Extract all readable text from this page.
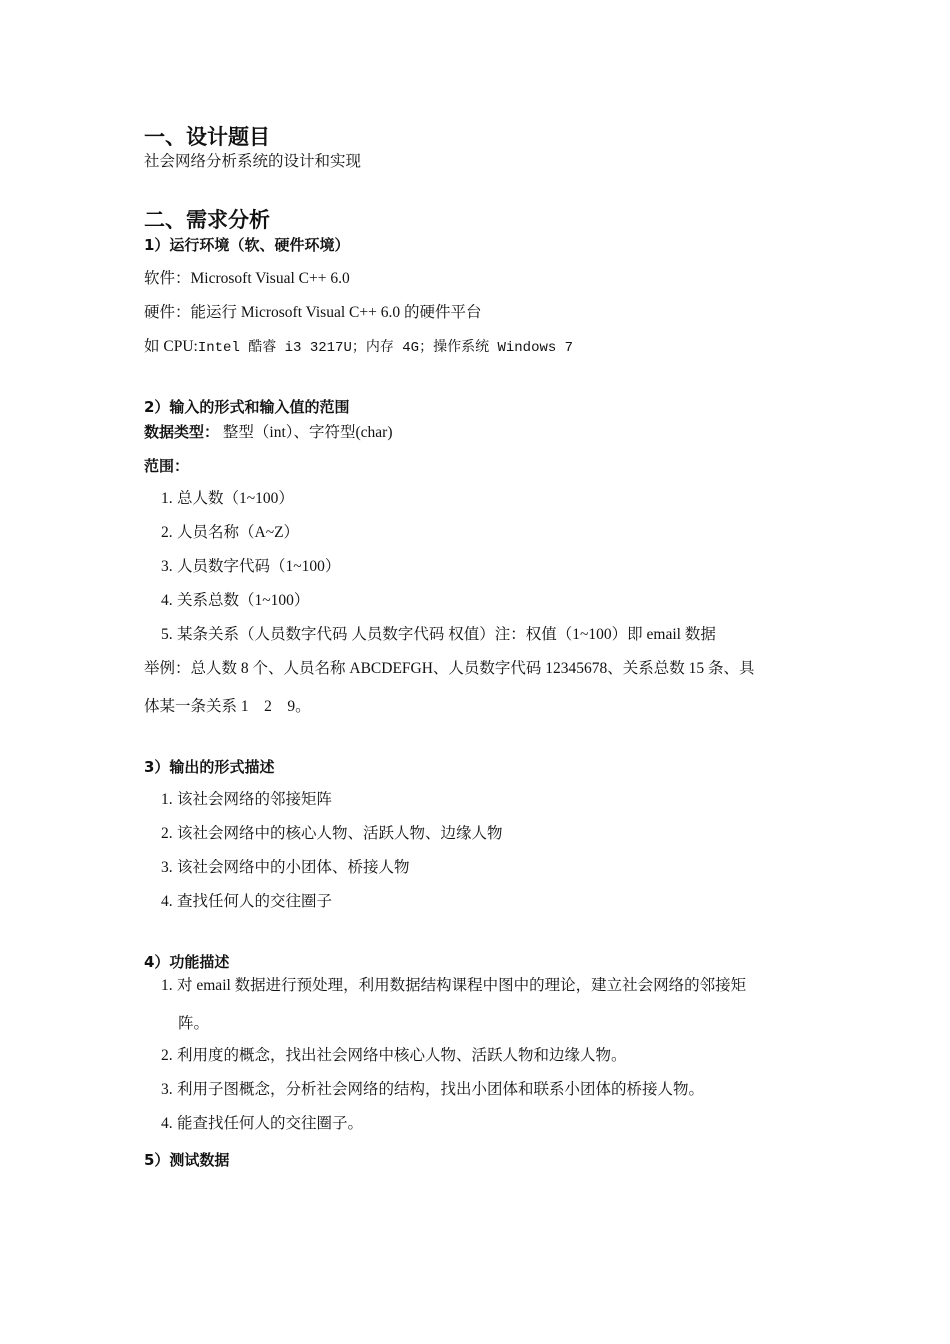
一、设计题目
社会网络分析系统的设计和实现
二、需求分析
1）运行环境（软、硬件环境）
软件：Microsoft Visual C++ 6.0
硬件：能运行 Microsoft Visual C++ 6.0 的硬件平台
如 CPU:Intel 酷睿 i3 3217U；内存 4G；操作系统 Windows 7
2）输入的形式和输入值的范围
数据类型： 整型（int）、字符型(char)
范围：
1. 总人数（1~100）
2. 人员名称（A~Z）
3. 人员数字代码（1~100）
4. 关系总数（1~100）
5. 某条关系（人员数字代码 人员数字代码 权值）注：权值（1~100）即 email 数据
举例：总人数 8 个、人员名称 ABCDEFGH、人员数字代码 12345678、关系总数 15 条、具
体某一条关系 1　2　9。
3）输出的形式描述
1. 该社会网络的邻接矩阵
2. 该社会网络中的核心人物、活跃人物、边缘人物
3. 该社会网络中的小团体、桥接人物
4. 查找任何人的交往圈子
4）功能描述
1. 对 email 数据进行预处理，利用数据结构课程中图中的理论，建立社会网络的邻接矩
阵。
2. 利用度的概念，找出社会网络中核心人物、活跃人物和边缘人物。
3. 利用子图概念，分析社会网络的结构，找出小团体和联系小团体的桥接人物。
4. 能查找任何人的交往圈子。
5）测试数据
